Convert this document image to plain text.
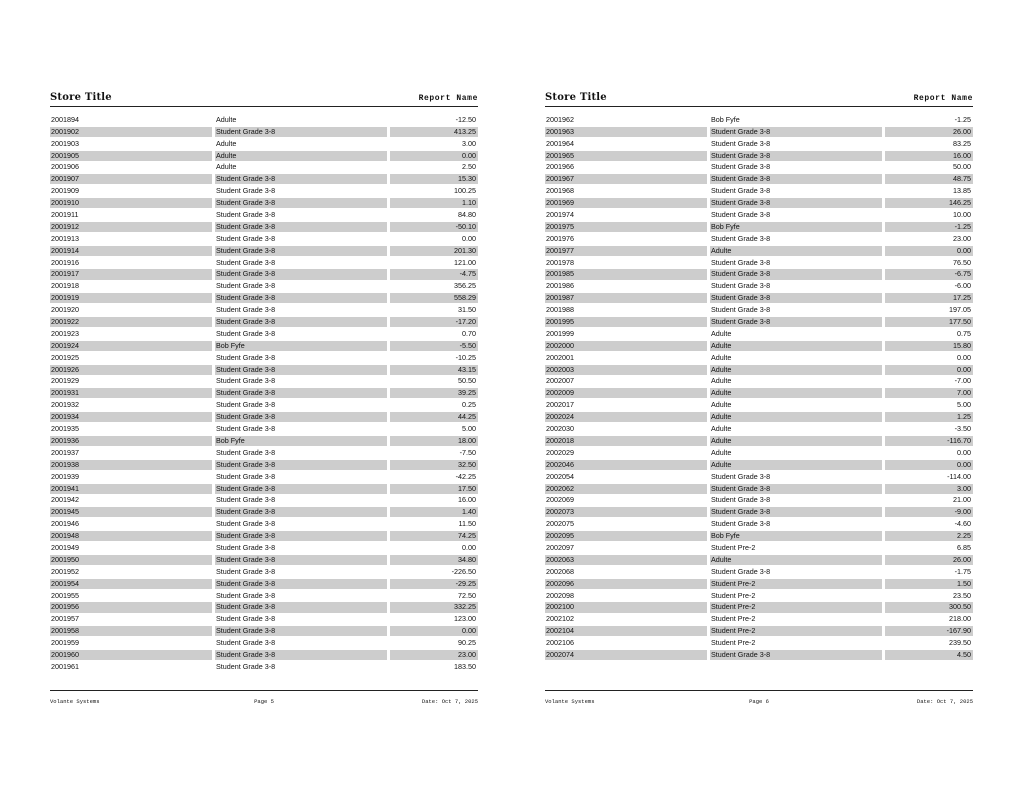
Store Title	Report Name
2001894	Adulte	-12.50
2001902	Student Grade 3-8	413.25
2001903	Adulte	3.00
2001905	Adulte	0.00
2001906	Adulte	2.50
2001907	Student Grade 3-8	15.30
2001909	Student Grade 3-8	100.25
2001910	Student Grade 3-8	1.10
2001911	Student Grade 3-8	84.80
2001912	Student Grade 3-8	-50.10
2001913	Student Grade 3-8	0.00
2001914	Student Grade 3-8	201.30
2001916	Student Grade 3-8	121.00
2001917	Student Grade 3-8	-4.75
2001918	Student Grade 3-8	356.25
2001919	Student Grade 3-8	558.29
2001920	Student Grade 3-8	31.50
2001922	Student Grade 3-8	-17.20
2001923	Student Grade 3-8	0.70
2001924	Bob Fyfe	-5.50
2001925	Student Grade 3-8	-10.25
2001926	Student Grade 3-8	43.15
2001929	Student Grade 3-8	50.50
2001931	Student Grade 3-8	39.25
2001932	Student Grade 3-8	0.25
2001934	Student Grade 3-8	44.25
2001935	Student Grade 3-8	5.00
2001936	Bob Fyfe	18.00
2001937	Student Grade 3-8	-7.50
2001938	Student Grade 3-8	32.50
2001939	Student Grade 3-8	-42.25
2001941	Student Grade 3-8	17.50
2001942	Student Grade 3-8	16.00
2001945	Student Grade 3-8	1.40
2001946	Student Grade 3-8	11.50
2001948	Student Grade 3-8	74.25
2001949	Student Grade 3-8	0.00
2001950	Student Grade 3-8	34.80
2001952	Student Grade 3-8	-226.50
2001954	Student Grade 3-8	-29.25
2001955	Student Grade 3-8	72.50
2001956	Student Grade 3-8	332.25
2001957	Student Grade 3-8	123.00
2001958	Student Grade 3-8	0.00
2001959	Student Grade 3-8	90.25
2001960	Student Grade 3-8	23.00
2001961	Student Grade 3-8	183.50
Volante Systems	Page 5	Date: Oct 7, 2025
Store Title	Report Name
2001962	Bob Fyfe	-1.25
2001963	Student Grade 3-8	26.00
2001964	Student Grade 3-8	83.25
2001965	Student Grade 3-8	16.00
2001966	Student Grade 3-8	50.00
2001967	Student Grade 3-8	48.75
2001968	Student Grade 3-8	13.85
2001969	Student Grade 3-8	146.25
2001974	Student Grade 3-8	10.00
2001975	Bob Fyfe	-1.25
2001976	Student Grade 3-8	23.00
2001977	Adulte	0.00
2001978	Student Grade 3-8	76.50
2001985	Student Grade 3-8	-6.75
2001986	Student Grade 3-8	-6.00
2001987	Student Grade 3-8	17.25
2001988	Student Grade 3-8	197.05
2001995	Student Grade 3-8	177.50
2001999	Adulte	0.75
2002000	Adulte	15.80
2002001	Adulte	0.00
2002003	Adulte	0.00
2002007	Adulte	-7.00
2002009	Adulte	7.00
2002017	Adulte	5.00
2002024	Adulte	1.25
2002030	Adulte	-3.50
2002018	Adulte	-116.70
2002029	Adulte	0.00
2002046	Adulte	0.00
2002054	Student Grade 3-8	-114.00
2002062	Student Grade 3-8	3.00
2002069	Student Grade 3-8	21.00
2002073	Student Grade 3-8	-9.00
2002075	Student Grade 3-8	-4.60
2002095	Bob Fyfe	2.25
2002097	Student Pre-2	6.85
2002063	Adulte	26.00
2002068	Student Grade 3-8	-1.75
2002096	Student Pre-2	1.50
2002098	Student Pre-2	23.50
2002100	Student Pre-2	300.50
2002102	Student Pre-2	218.00
2002104	Student Pre-2	-167.90
2002106	Student Pre-2	239.50
2002074	Student Grade 3-8	4.50
Volante Systems	Page 6	Date: Oct 7, 2025
